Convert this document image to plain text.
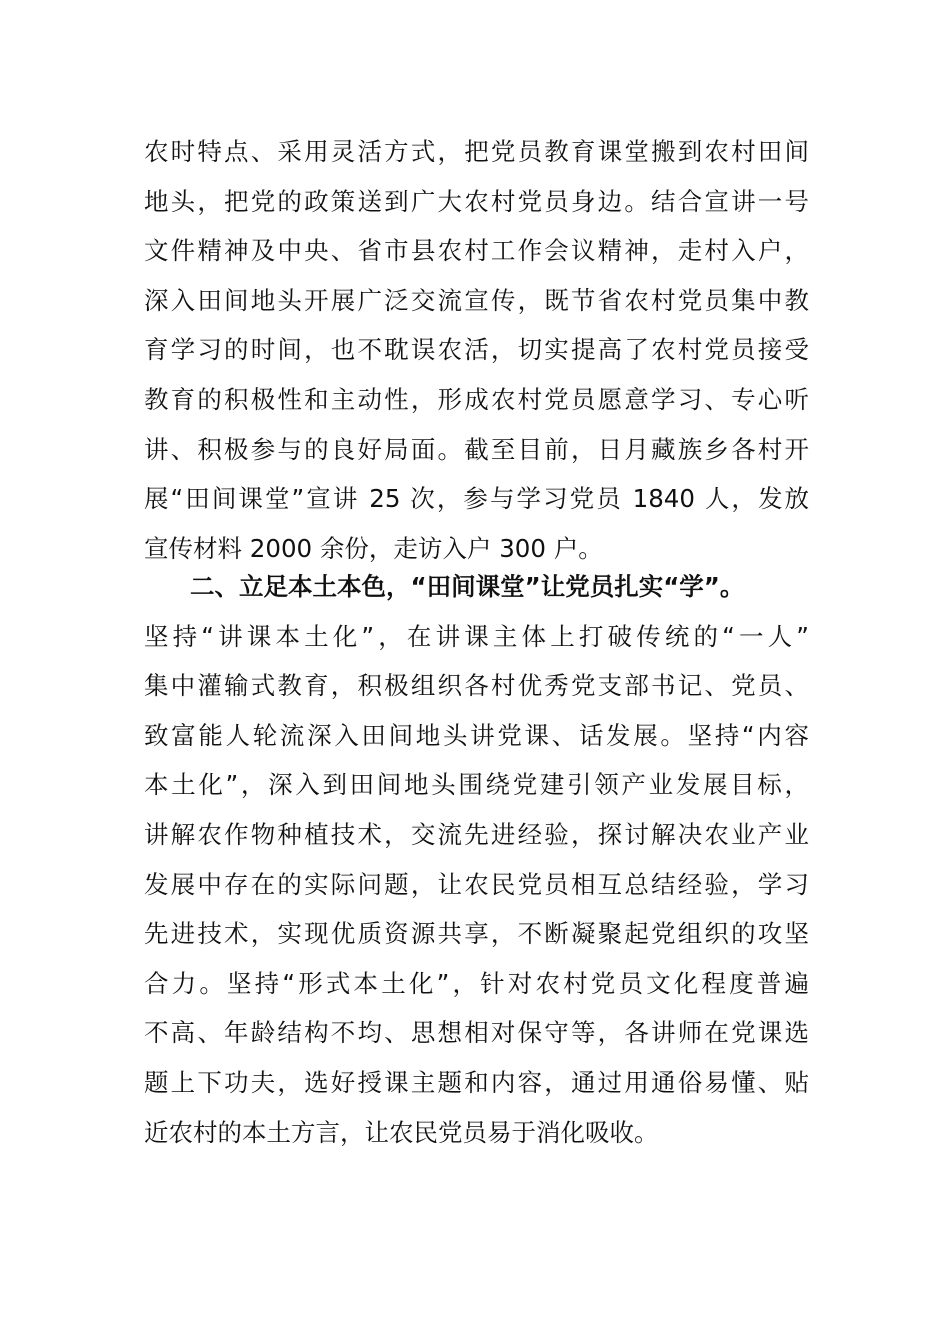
农时特点、采用灵活方式，把党员教育课堂搬到农村田间
地头，把党的政策送到广大农村党员身边。结合宣讲一号
文件精神及中央、省市县农村工作会议精神，走村入户，
深入田间地头开展广泛交流宣传，既节省农村党员集中教
育学习的时间，也不耽误农活，切实提高了农村党员接受
教育的积极性和主动性，形成农村党员愿意学习、专心听
讲、积极参与的良好局面。截至目前，日月藏族乡各村开
展“田间课堂”宣讲 25 次，参与学习党员 1840 人，发放
宣传材料 2000 余份，走访入户 300 户。
二、立足本土本色，“田间课堂”让党员扎实“学”。
坚持“讲课本土化”，在讲课主体上打破传统的“一人”
集中灌输式教育，积极组织各村优秀党支部书记、党员、
致富能人轮流深入田间地头讲党课、话发展。坚持“内容
本土化”，深入到田间地头围绕党建引领产业发展目标，
讲解农作物种植技术，交流先进经验，探讨解决农业产业
发展中存在的实际问题，让农民党员相互总结经验，学习
先进技术，实现优质资源共享，不断凝聚起党组织的攻坚
合力。坚持“形式本土化”，针对农村党员文化程度普遍
不高、年龄结构不均、思想相对保守等，各讲师在党课选
题上下功夫，选好授课主题和内容，通过用通俗易懂、贴
近农村的本土方言，让农民党员易于消化吸收。
